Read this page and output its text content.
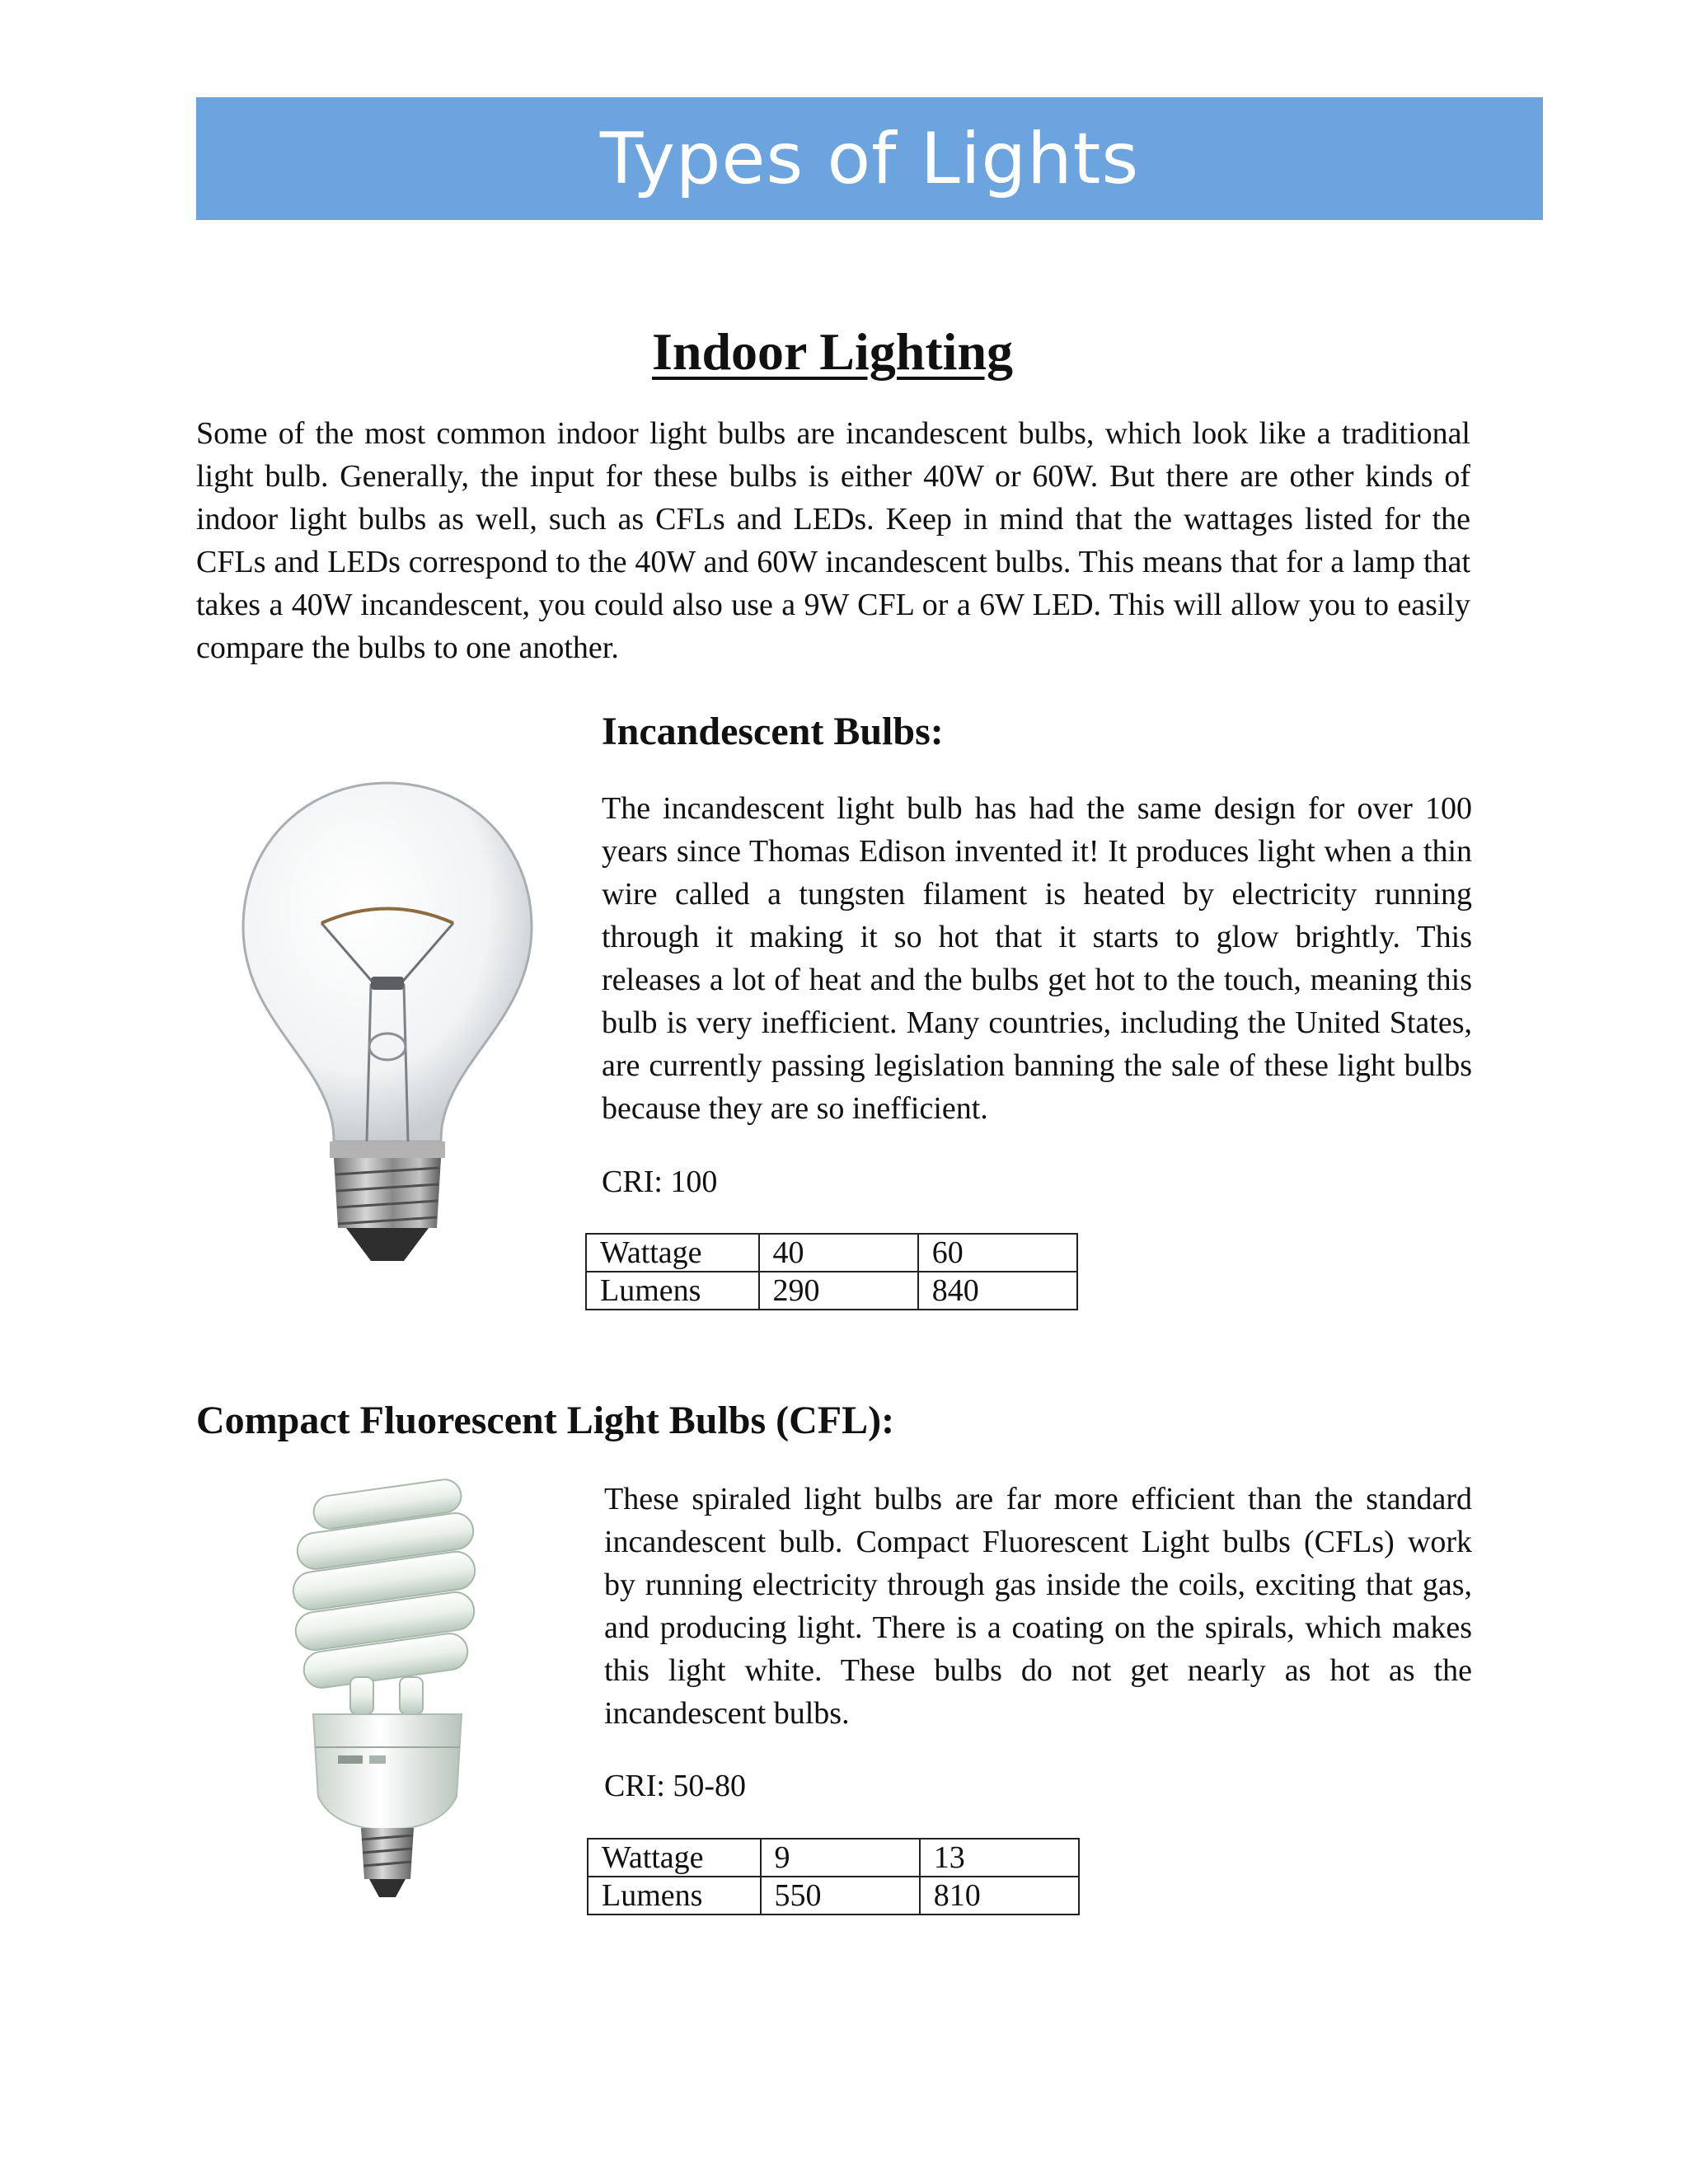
Types of Lights
Indoor Lighting

Some of the most common indoor light bulbs are incandescent bulbs, which look like a traditional light bulb. Generally, the input for these bulbs is either 40W or 60W. But there are other kinds of indoor light bulbs as well, such as CFLs and LEDs. Keep in mind that the wattages listed for the CFLs and LEDs correspond to the 40W and 60W incandescent bulbs. This means that for a lamp that takes a 40W incandescent, you could also use a 9W CFL or a 6W LED. This will allow you to easily compare the bulbs to one another.

Incandescent Bulbs:

The incandescent light bulb has had the same design for over 100 years since Thomas Edison invented it! It produces light when a thin wire called a tungsten filament is heated by electricity running through it making it so hot that it starts to glow brightly. This releases a lot of heat and the bulbs get hot to the touch, meaning this bulb is very inefficient. Many countries, including the United States, are currently passing legislation banning the sale of these light bulbs because they are so inefficient.

CRI: 100
Wattage	40	60
Lumens	290	840
Compact Fluorescent Light Bulbs (CFL):

These spiraled light bulbs are far more efficient than the standard incandescent bulb. Compact Fluorescent Light bulbs (CFLs) work by running electricity through gas inside the coils, exciting that gas, and producing light. There is a coating on the spirals, which makes this light white. These bulbs do not get nearly as hot as the incandescent bulbs.

CRI: 50-80
Wattage	9	13
Lumens	550	810
